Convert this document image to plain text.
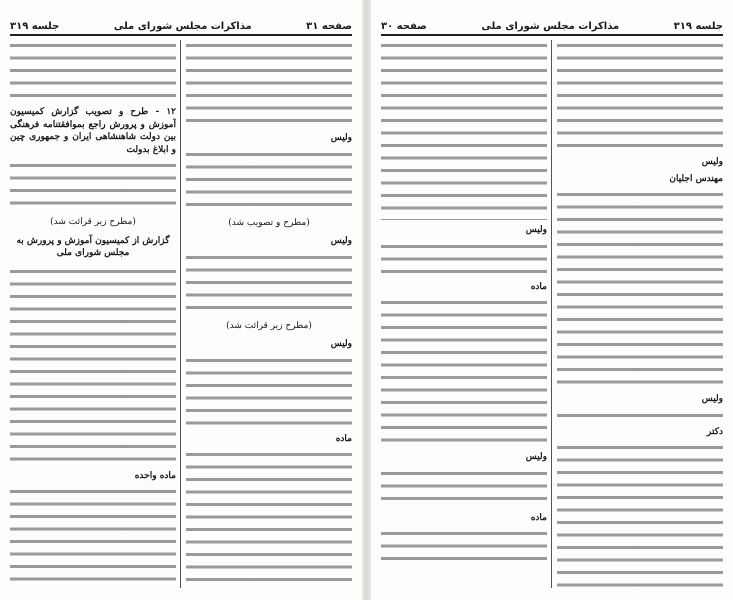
صفحه ۳۱
مذاکرات مجلس شورای ملی
جلسه ۳۱۹
ولیس
(مطرح و تصویب شد)
ولیس
(مطرح زیر قرائت شد)
ولیس
ماده
۱۲ - طرح و تصویب گزارش کمیسیون آموزش و پرورش راجع بموافقتنامه فرهنگی بین دولت شاهنشاهی ایران و جمهوری چین و ابلاغ بدولت
(مطرح زیر قرائت شد)
گزارش از کمیسیون آموزش و پرورش به مجلس شورای ملی
ماده واحده
جلسه ۳۱۹
مذاکرات مجلس شورای ملی
صفحه ۳۰
ولیس
مهندس اجلیان
ولیس
دکتر
ولیس
ماده
ولیس
ماده
